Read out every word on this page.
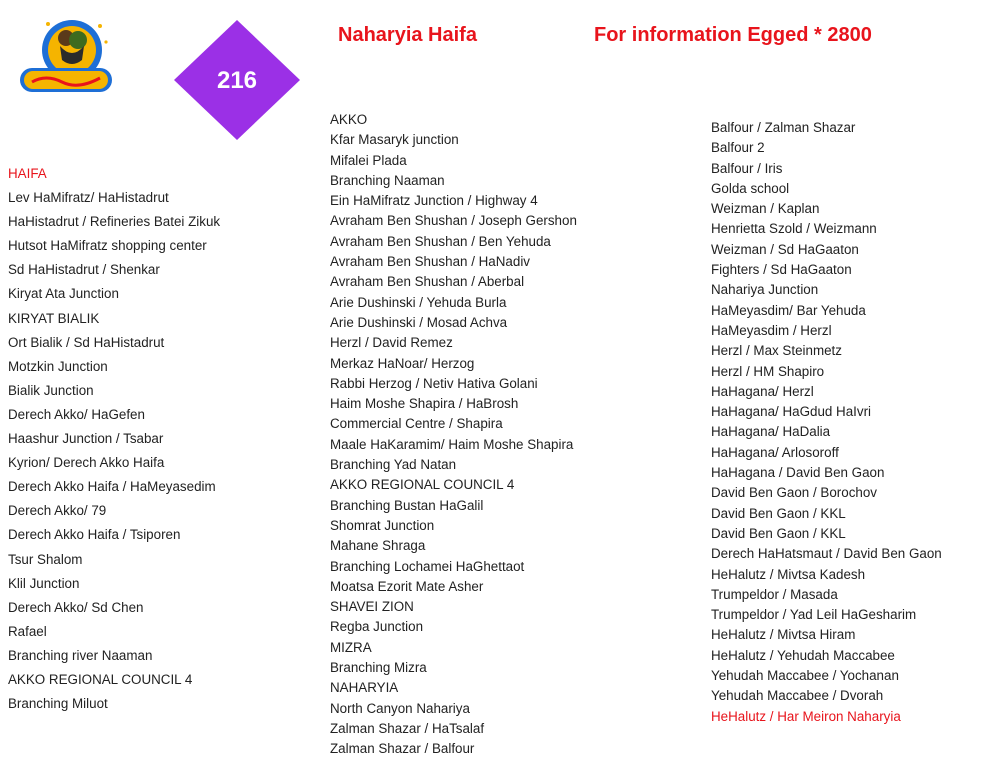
216
Naharyia Haifa	For information Egged * 2800
HAIFA
Lev HaMifratz/ HaHistadrut
HaHistadrut / Refineries Batei Zikuk
Hutsot HaMifratz shopping center
Sd HaHistadrut / Shenkar
Kiryat Ata Junction
KIRYAT BIALIK
Ort Bialik / Sd HaHistadrut
Motzkin Junction
Bialik Junction
Derech Akko/ HaGefen
Haashur Junction / Tsabar
Kyrion/ Derech Akko Haifa
Derech Akko Haifa / HaMeyasedim
Derech Akko/ 79
Derech Akko Haifa / Tsiporen
Tsur Shalom
Klil Junction
Derech Akko/ Sd Chen
Rafael
Branching river Naaman
AKKO REGIONAL COUNCIL 4
Branching Miluot
AKKO
Kfar Masaryk junction
Mifalei Plada
Branching Naaman
Ein HaMifratz Junction / Highway 4
Avraham Ben Shushan / Joseph Gershon
Avraham Ben Shushan / Ben Yehuda
Avraham Ben Shushan / HaNadiv
Avraham Ben Shushan / Aberbal
Arie Dushinski / Yehuda Burla
Arie Dushinski / Mosad Achva
Herzl / David Remez
Merkaz HaNoar/ Herzog
Rabbi Herzog / Netiv Hativa Golani
Haim Moshe Shapira / HaBrosh
Commercial Centre / Shapira
Maale HaKaramim/ Haim Moshe Shapira
Branching Yad Natan
AKKO REGIONAL COUNCIL 4
Branching Bustan HaGalil
Shomrat Junction
Mahane Shraga
Branching Lochamei HaGhettaot
Moatsa Ezorit Mate Asher
SHAVEI ZION
Regba Junction
MIZRA
Branching Mizra
NAHARYIA
North Canyon Nahariya
Zalman Shazar / HaTsalaf
Zalman Shazar / Balfour
Balfour / Zalman Shazar
Balfour 2
Balfour / Iris
Golda school
Weizman / Kaplan
Henrietta Szold / Weizmann
Weizman / Sd HaGaaton
Fighters / Sd HaGaaton
Nahariya Junction
HaMeyasdim/ Bar Yehuda
HaMeyasdim / Herzl
Herzl / Max Steinmetz
Herzl / HM Shapiro
HaHagana/ Herzl
HaHagana/ HaGdud HaIvri
HaHagana/ HaDalia
HaHagana/ Arlosoroff
HaHagana / David Ben Gaon
David Ben Gaon / Borochov
David Ben Gaon / KKL
David Ben Gaon / KKL
Derech HaHatsmaut / David Ben Gaon
HeHalutz / Mivtsa Kadesh
Trumpeldor / Masada
Trumpeldor / Yad Leil HaGesharim
HeHalutz / Mivtsa Hiram
HeHalutz / Yehudah Maccabee
Yehudah Maccabee / Yochanan
Yehudah Maccabee / Dvorah
HeHalutz / Har Meiron Naharyia
